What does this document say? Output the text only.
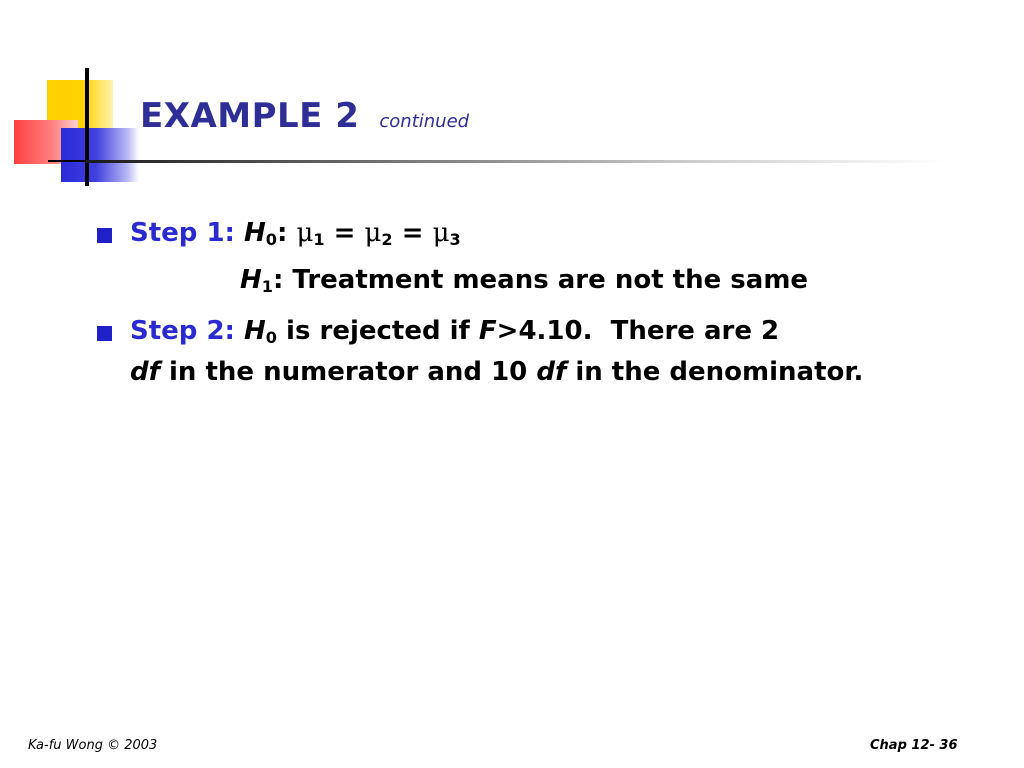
EXAMPLE 2 continued
Step 1: $H_0$: $\mu_1 = \mu_2 = \mu_3$
$H_1$: Treatment means are not the same
Step 2: $H_0$ is rejected if F>4.10.  There are 2
df in the numerator and 10 df in the denominator.
Ka-fu Wong © 2003	Chap 12- 36
